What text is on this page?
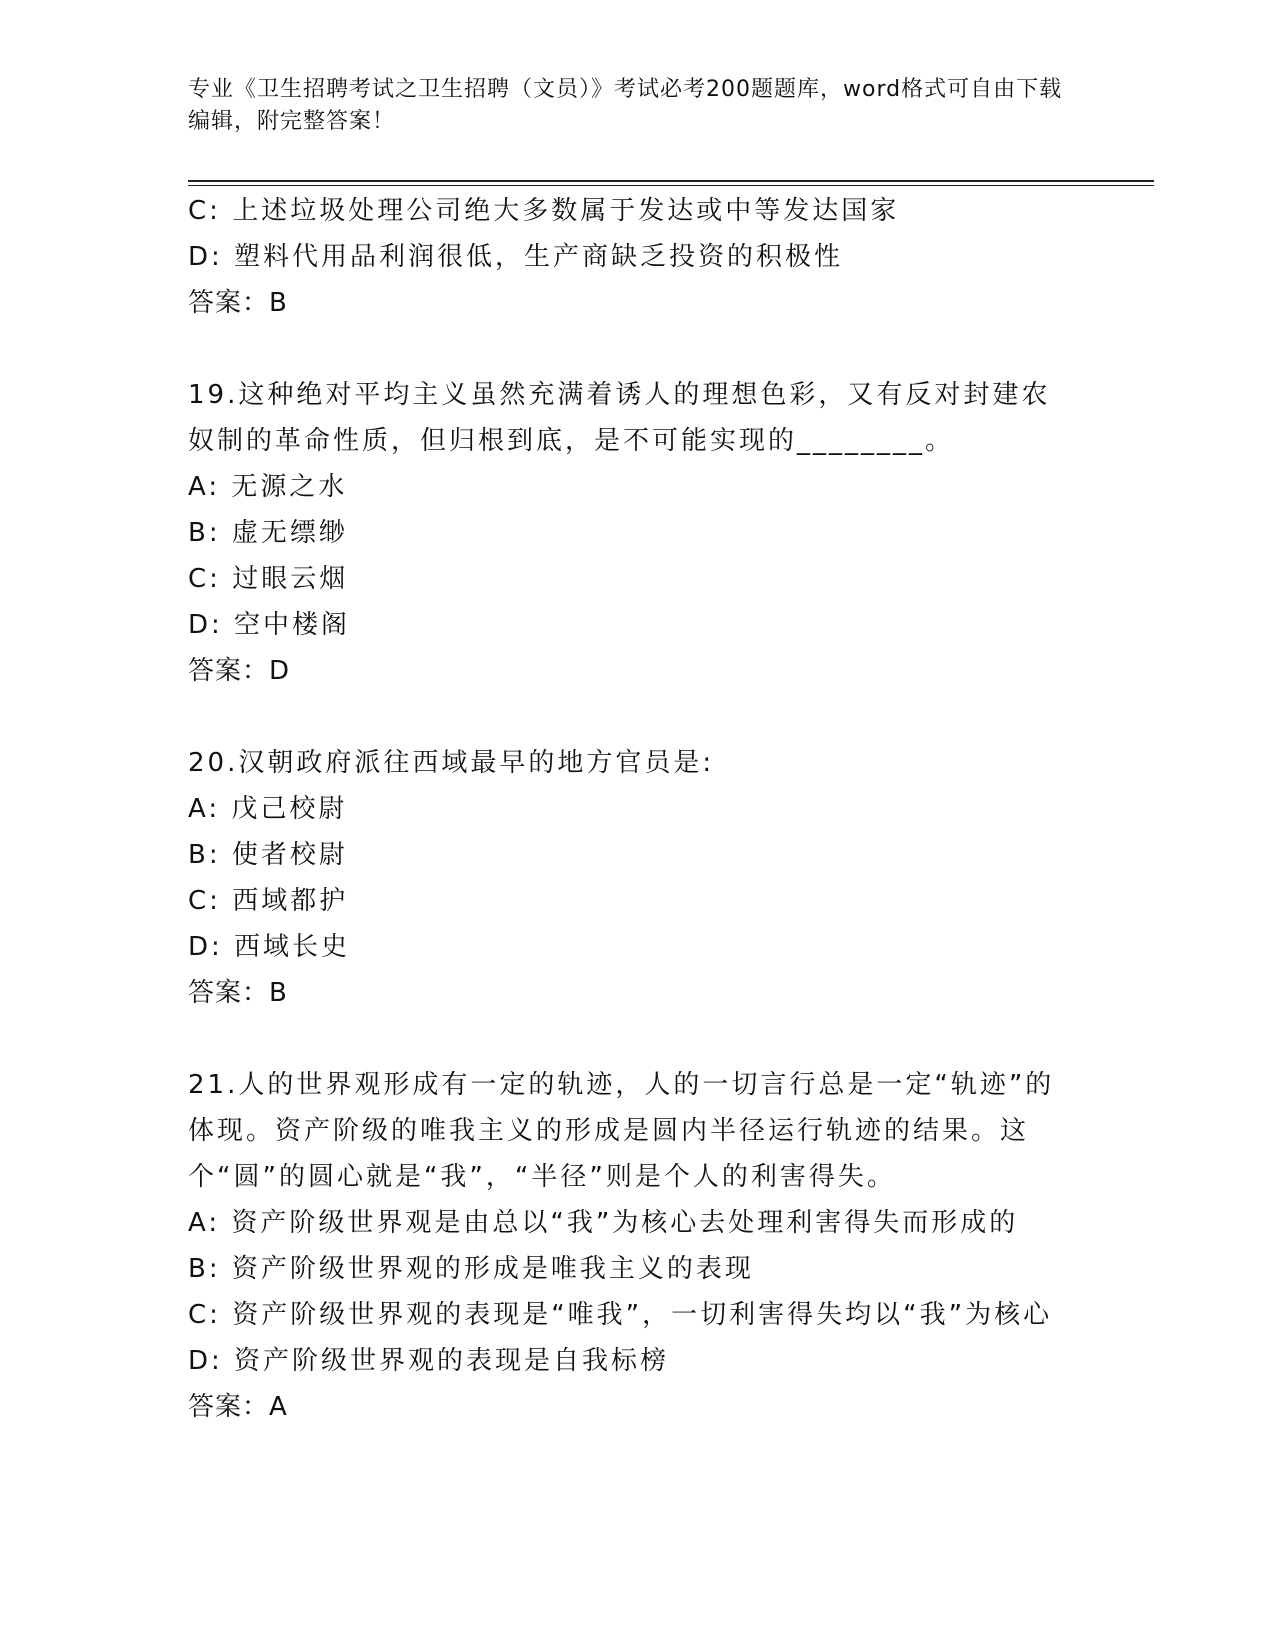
专业《卫生招聘考试之卫生招聘（文员）》考试必考200题题库，word格式可自由下载编辑，附完整答案！
C: 上述垃圾处理公司绝大多数属于发达或中等发达国家
D: 塑料代用品利润很低，生产商缺乏投资的积极性
答案：B
19.这种绝对平均主义虽然充满着诱人的理想色彩，又有反对封建农奴制的革命性质，但归根到底，是不可能实现的________。
A: 无源之水
B: 虚无缥缈
C: 过眼云烟
D: 空中楼阁
答案：D
20.汉朝政府派往西域最早的地方官员是:
A: 戊己校尉
B: 使者校尉
C: 西域都护
D: 西域长史
答案：B
21.人的世界观形成有一定的轨迹，人的一切言行总是一定“轨迹”的体现。资产阶级的唯我主义的形成是圆内半径运行轨迹的结果。这个“圆”的圆心就是“我”，“半径”则是个人的利害得失。
A: 资产阶级世界观是由总以“我”为核心去处理利害得失而形成的
B: 资产阶级世界观的形成是唯我主义的表现
C: 资产阶级世界观的表现是“唯我”，一切利害得失均以“我”为核心
D: 资产阶级世界观的表现是自我标榜
答案：A
